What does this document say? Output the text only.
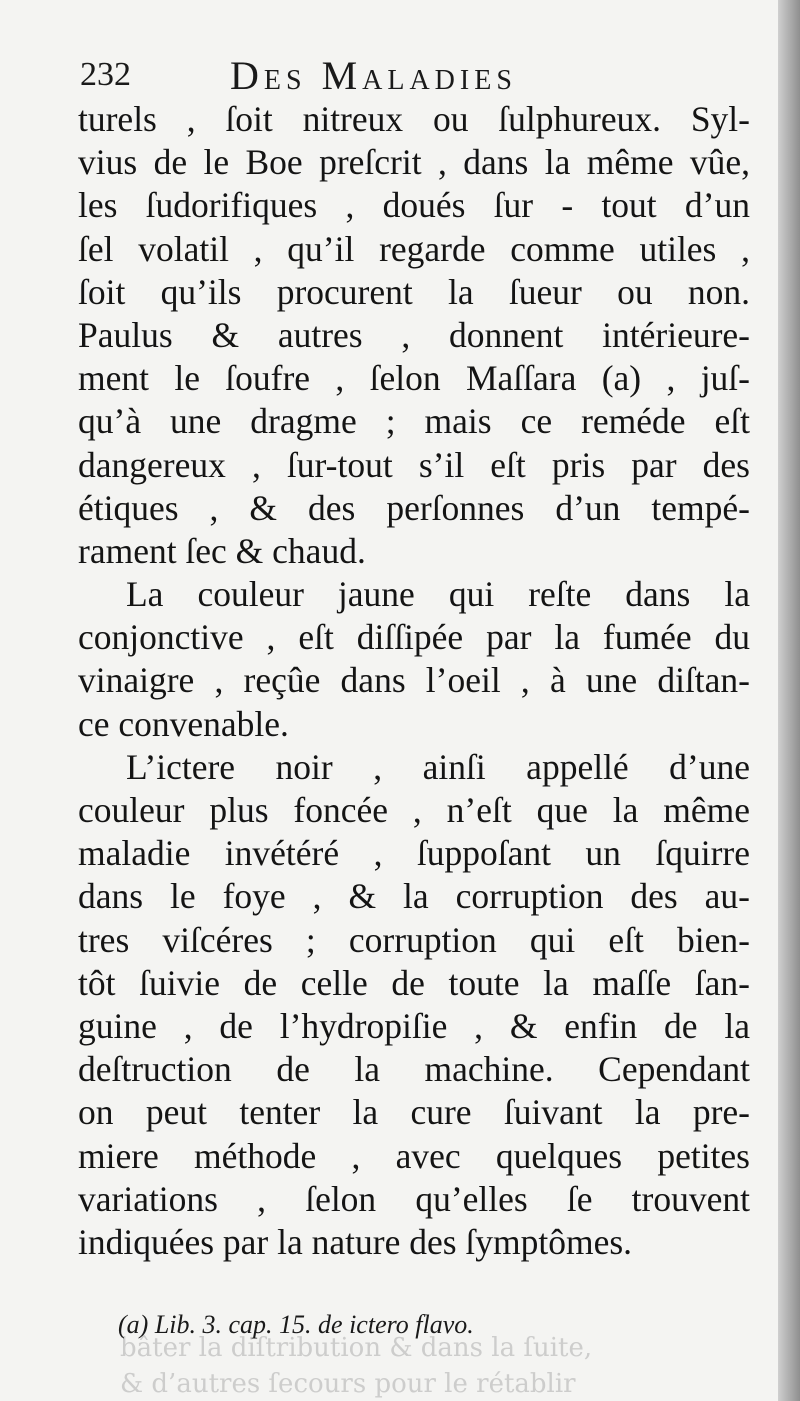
bâter la diſtribution & dans la ſuite,
& d’autres ſecours pour le rétablir
232 Des Maladies
turels , ſoit nitreux ou ſulphureux. Syl-
vius de le Boe preſcrit , dans la même vûe,
les ſudorifiques , doués ſur - tout d’un
ſel volatil , qu’il regarde comme utiles ,
ſoit qu’ils procurent la ſueur ou non.
Paulus & autres , donnent intérieure-
ment le ſoufre , ſelon Maſſara (a) , juſ-
qu’à une dragme ; mais ce reméde eſt
dangereux , ſur-tout s’il eſt pris par des
étiques , & des perſonnes d’un tempé-
rament ſec & chaud.
La couleur jaune qui reſte dans la
conjonctive , eſt diſſipée par la fumée du
vinaigre , reçûe dans l’oeil , à une diſtan-
ce convenable.
L’ictere noir , ainſi appellé d’une
couleur plus foncée , n’eſt que la même
maladie invétéré , ſuppoſant un ſquirre
dans le foye , & la corruption des au-
tres viſcéres ; corruption qui eſt bien-
tôt ſuivie de celle de toute la maſſe ſan-
guine , de l’hydropiſie , & enfin de la
deſtruction de la machine. Cependant
on peut tenter la cure ſuivant la pre-
miere méthode , avec quelques petites
variations , ſelon qu’elles ſe trouvent
indiquées par la nature des ſymptômes.
(a) Lib. 3. cap. 15. de ictero flavo.
